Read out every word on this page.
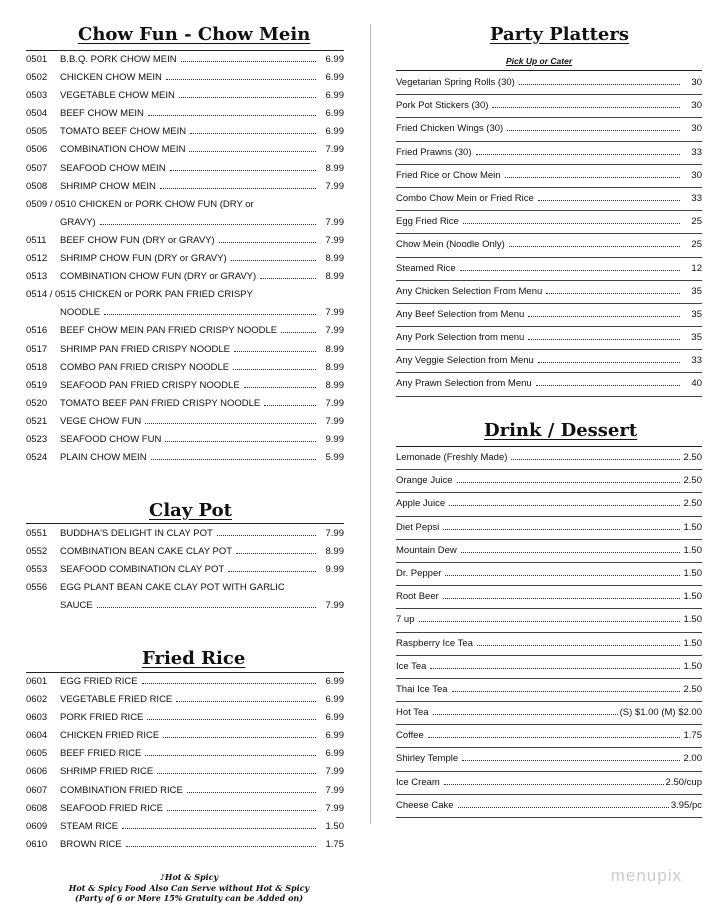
Chow Fun - Chow Mein
0501	B.B.Q. PORK CHOW MEIN	6.99
0502	CHICKEN CHOW MEIN	6.99
0503	VEGETABLE CHOW MEIN	6.99
0504	BEEF CHOW MEIN	6.99
0505	TOMATO BEEF CHOW MEIN	6.99
0506	COMBINATION CHOW MEIN	7.99
0507	SEAFOOD CHOW MEIN	8.99
0508	SHRIMP CHOW MEIN	7.99
0509 / 0510 CHICKEN or PORK CHOW FUN (DRY or
GRAVY)	7.99
0511	BEEF CHOW FUN (DRY or GRAVY)	7.99
0512	SHRIMP CHOW FUN (DRY or GRAVY)	8.99
0513	COMBINATION CHOW FUN (DRY or GRAVY)	8.99
0514 / 0515 CHICKEN or PORK PAN FRIED CRISPY
NOODLE	7.99
0516	BEEF CHOW MEIN PAN FRIED CRISPY NOODLE	7.99
0517	SHRIMP PAN FRIED CRISPY NOODLE	8.99
0518	COMBO PAN FRIED CRISPY NOODLE	8.99
0519	SEAFOOD PAN FRIED CRISPY NOODLE	8.99
0520	TOMATO BEEF PAN FRIED CRISPY NOODLE	7.99
0521	VEGE CHOW FUN	7.99
0523	SEAFOOD CHOW FUN	9.99
0524	PLAIN CHOW MEIN	5.99
Clay Pot
0551	BUDDHA'S DELIGHT IN CLAY POT	7.99
0552	COMBINATION BEAN CAKE CLAY POT	8.99
0553	SEAFOOD COMBINATION CLAY POT	9.99
0556	EGG PLANT BEAN CAKE CLAY POT WITH GARLIC
SAUCE	7.99
Fried Rice
0601	EGG FRIED RICE	6.99
0602	VEGETABLE FRIED RICE	6.99
0603	PORK FRIED RICE	6.99
0604	CHICKEN FRIED RICE	6.99
0605	BEEF FRIED RICE	6.99
0606	SHRIMP FRIED RICE	7.99
0607	COMBINATION FRIED RICE	7.99
0608	SEAFOOD FRIED RICE	7.99
0609	STEAM RICE	1.50
0610	BROWN RICE	1.75
♪Hot & Spicy
Hot & Spicy Food Also Can Serve without Hot & Spicy
(Party of 6 or More 15% Gratuity can be Added on)
Party Platters
Pick Up or Cater
Vegetarian Spring Rolls (30)	30
Pork Pot Stickers (30)	30
Fried Chicken Wings (30)	30
Fried Prawns (30)	33
Fried Rice or Chow Mein	30
Combo Chow Mein or Fried Rice	33
Egg Fried Rice	25
Chow Mein (Noodle Only)	25
Steamed Rice	12
Any Chicken Selection From Menu	35
Any Beef Selection from Menu	35
Any Pork Selection from menu	35
Any Veggie Selection from Menu	33
Any Prawn Selection from Menu	40
Drink / Dessert
Lemonade (Freshly Made)	2.50
Orange Juice	2.50
Apple Juice	2.50
Diet Pepsi	1.50
Mountain Dew	1.50
Dr. Pepper	1.50
Root Beer	1.50
7 up	1.50
Raspberry Ice Tea	1.50
Ice Tea	1.50
Thai Ice Tea	2.50
Hot Tea	(S) $1.00 (M) $2.00
Coffee	1.75
Shirley Temple	2.00
Ice Cream	2.50/cup
Cheese Cake	3.95/pc
menupix
